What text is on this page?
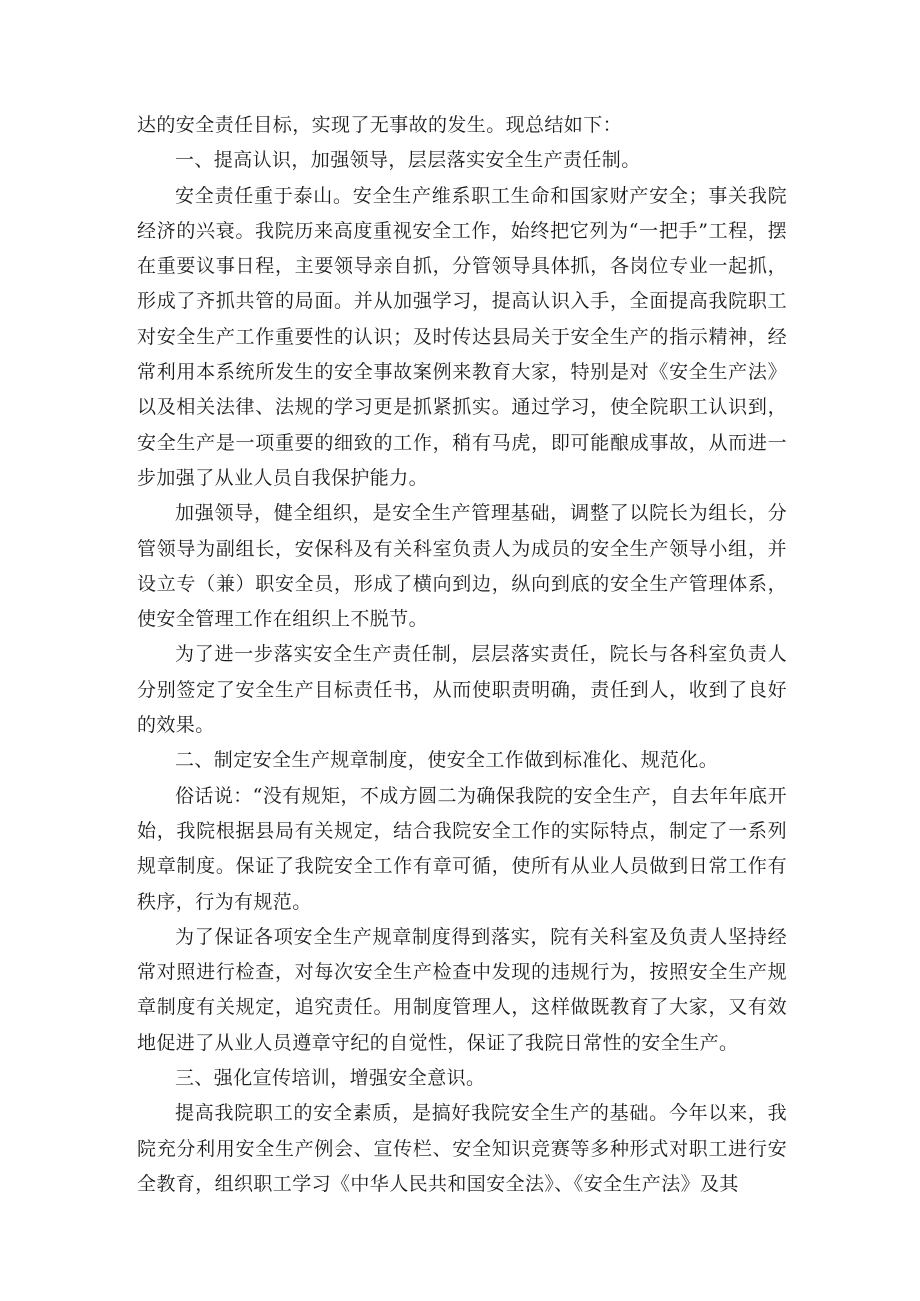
达的安全责任目标，实现了无事故的发生。现总结如下：

一、提高认识，加强领导，层层落实安全生产责任制。

安全责任重于泰山。安全生产维系职工生命和国家财产安全；事关我院经济的兴衰。我院历来高度重视安全工作，始终把它列为“一把手”工程，摆在重要议事日程，主要领导亲自抓，分管领导具体抓，各岗位专业一起抓，形成了齐抓共管的局面。并从加强学习，提高认识入手，全面提高我院职工对安全生产工作重要性的认识；及时传达县局关于安全生产的指示精神，经常利用本系统所发生的安全事故案例来教育大家，特别是对《安全生产法》以及相关法律、法规的学习更是抓紧抓实。通过学习，使全院职工认识到，安全生产是一项重要的细致的工作，稍有马虎，即可能酿成事故，从而进一步加强了从业人员自我保护能力。

加强领导，健全组织，是安全生产管理基础，调整了以院长为组长，分管领导为副组长，安保科及有关科室负责人为成员的安全生产领导小组，并设立专（兼）职安全员，形成了横向到边，纵向到底的安全生产管理体系，使安全管理工作在组织上不脱节。

为了进一步落实安全生产责任制，层层落实责任，院长与各科室负责人分别签定了安全生产目标责任书，从而使职责明确，责任到人，收到了良好的效果。

二、制定安全生产规章制度，使安全工作做到标准化、规范化。

俗话说：“没有规矩，不成方圆二为确保我院的安全生产，自去年年底开始，我院根据县局有关规定，结合我院安全工作的实际特点，制定了一系列规章制度。保证了我院安全工作有章可循，使所有从业人员做到日常工作有秩序，行为有规范。

为了保证各项安全生产规章制度得到落实，院有关科室及负责人坚持经常对照进行检查，对每次安全生产检查中发现的违规行为，按照安全生产规章制度有关规定，追究责任。用制度管理人，这样做既教育了大家，又有效地促进了从业人员遵章守纪的自觉性，保证了我院日常性的安全生产。

三、强化宣传培训，增强安全意识。

提高我院职工的安全素质，是搞好我院安全生产的基础。今年以来，我院充分利用安全生产例会、宣传栏、安全知识竞赛等多种形式对职工进行安全教育，组织职工学习《中华人民共和国安全法》、《安全生产法》及其
